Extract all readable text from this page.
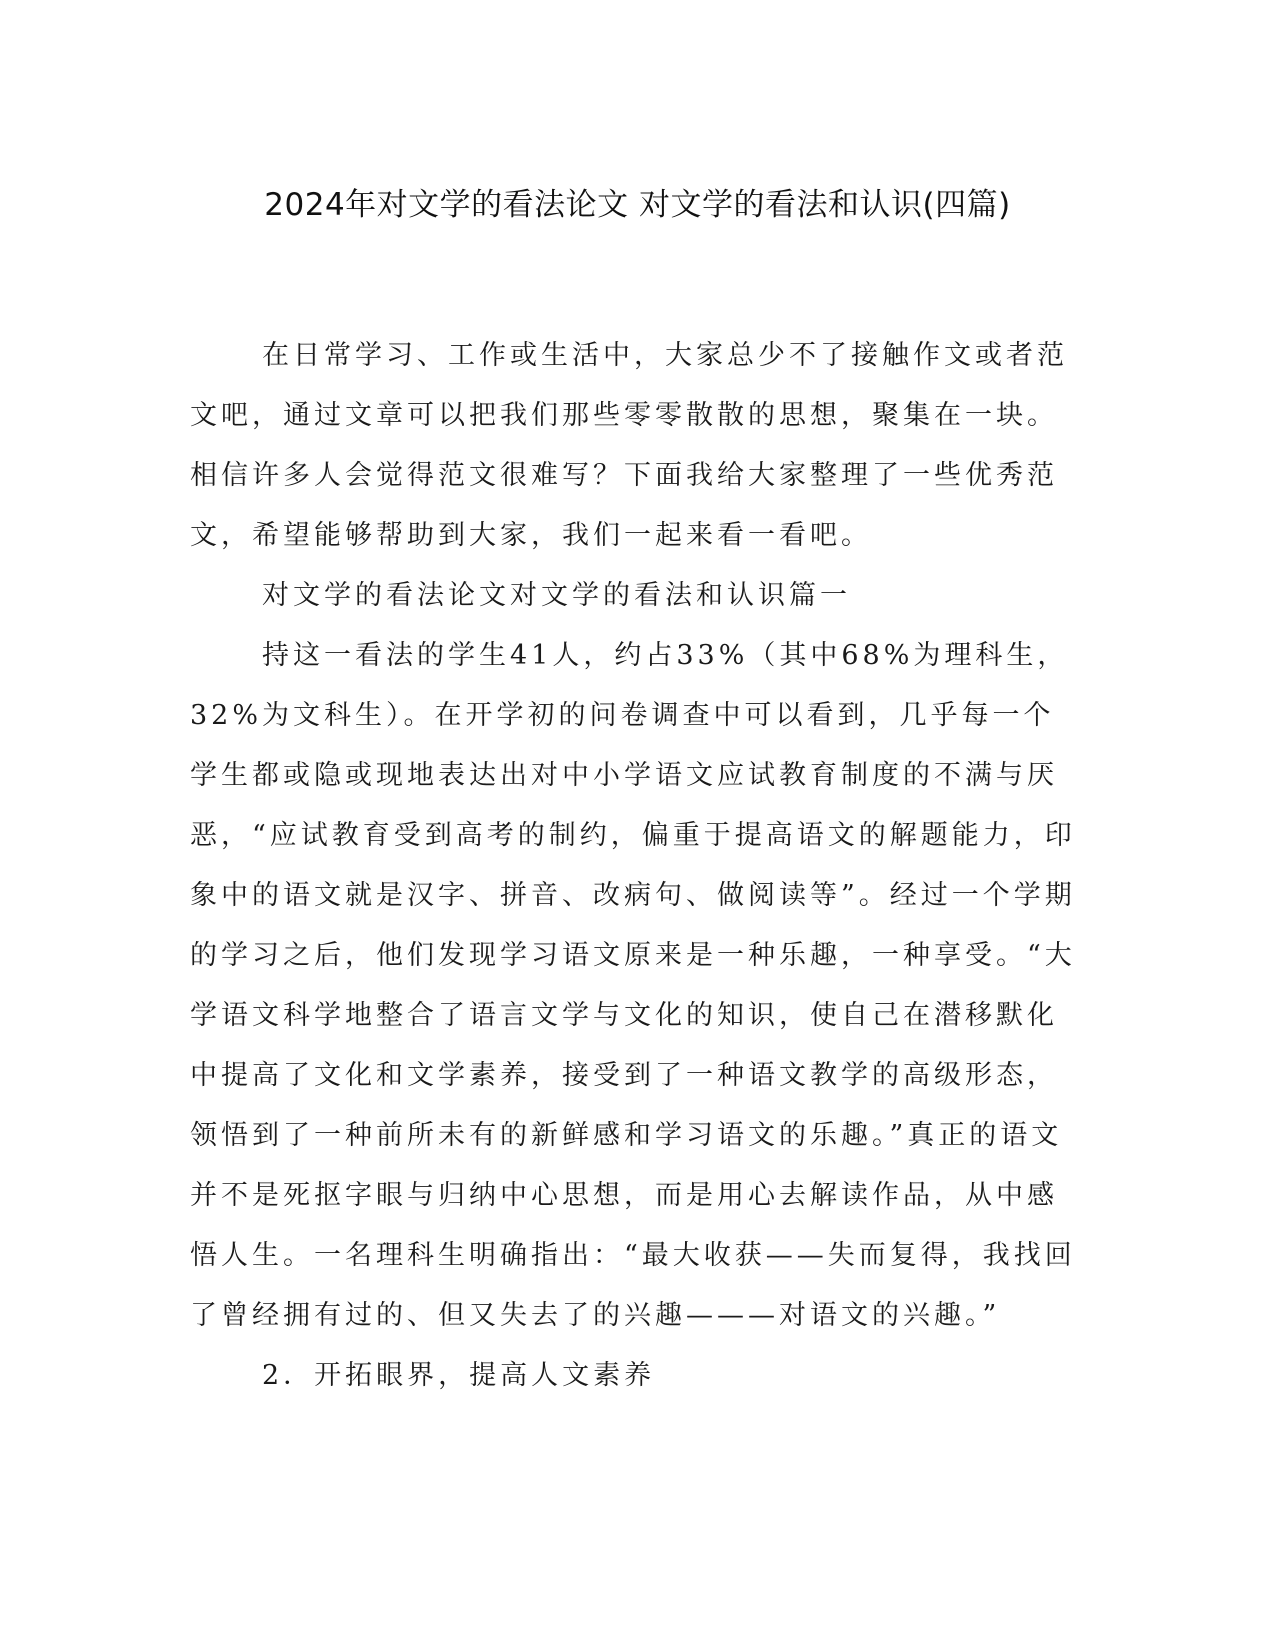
2024年对文学的看法论文 对文学的看法和认识(四篇)

在日常学习、工作或生活中，大家总少不了接触作文或者范文吧，通过文章可以把我们那些零零散散的思想，聚集在一块。相信许多人会觉得范文很难写？下面我给大家整理了一些优秀范文，希望能够帮助到大家，我们一起来看一看吧。

对文学的看法论文对文学的看法和认识篇一

持这一看法的学生41人，约占33%（其中68%为理科生，32%为文科生）。在开学初的问卷调查中可以看到，几乎每一个学生都或隐或现地表达出对中小学语文应试教育制度的不满与厌恶，“应试教育受到高考的制约，偏重于提高语文的解题能力，印象中的语文就是汉字、拼音、改病句、做阅读等”。经过一个学期的学习之后，他们发现学习语文原来是一种乐趣，一种享受。“大学语文科学地整合了语言文学与文化的知识，使自己在潜移默化中提高了文化和文学素养，接受到了一种语文教学的高级形态，领悟到了一种前所未有的新鲜感和学习语文的乐趣。”真正的语文并不是死抠字眼与归纳中心思想，而是用心去解读作品，从中感悟人生。一名理科生明确指出：“最大收获——失而复得，我找回了曾经拥有过的、但又失去了的兴趣———对语文的兴趣。”

2．开拓眼界，提高人文素养
